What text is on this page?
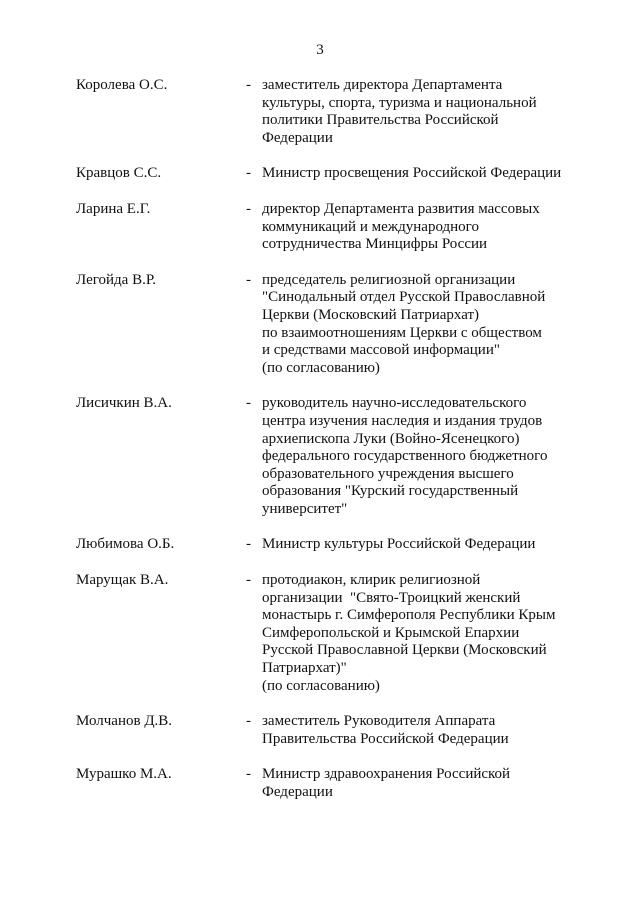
3
Королева О.С.	- заместитель директора Департамента
культуры, спорта, туризма и национальной
политики Правительства Российской
Федерации
Кравцов С.С.	- Министр просвещения Российской Федерации
Ларина Е.Г.	- директор Департамента развития массовых
коммуникаций и международного
сотрудничества Минцифры России
Легойда В.Р.	- председатель религиозной организации
"Синодальный отдел Русской Православной
Церкви (Московский Патриархат)
по взаимоотношениям Церкви с обществом
и средствами массовой информации"
(по согласованию)
Лисичкин В.А.	- руководитель научно-исследовательского
центра изучения наследия и издания трудов
архиепископа Луки (Войно-Ясенецкого)
федерального государственного бюджетного
образовательного учреждения высшего
образования "Курский государственный
университет"
Любимова О.Б.	- Министр культуры Российской Федерации
Марущак В.А.	- протодиакон, клирик религиозной
организации  "Свято-Троицкий женский
монастырь г. Симферополя Республики Крым
Симферопольской и Крымской Епархии
Русской Православной Церкви (Московский
Патриархат)"
(по согласованию)
Молчанов Д.В.	- заместитель Руководителя Аппарата
Правительства Российской Федерации
Мурашко М.А.	- Министр здравоохранения Российской
Федерации
